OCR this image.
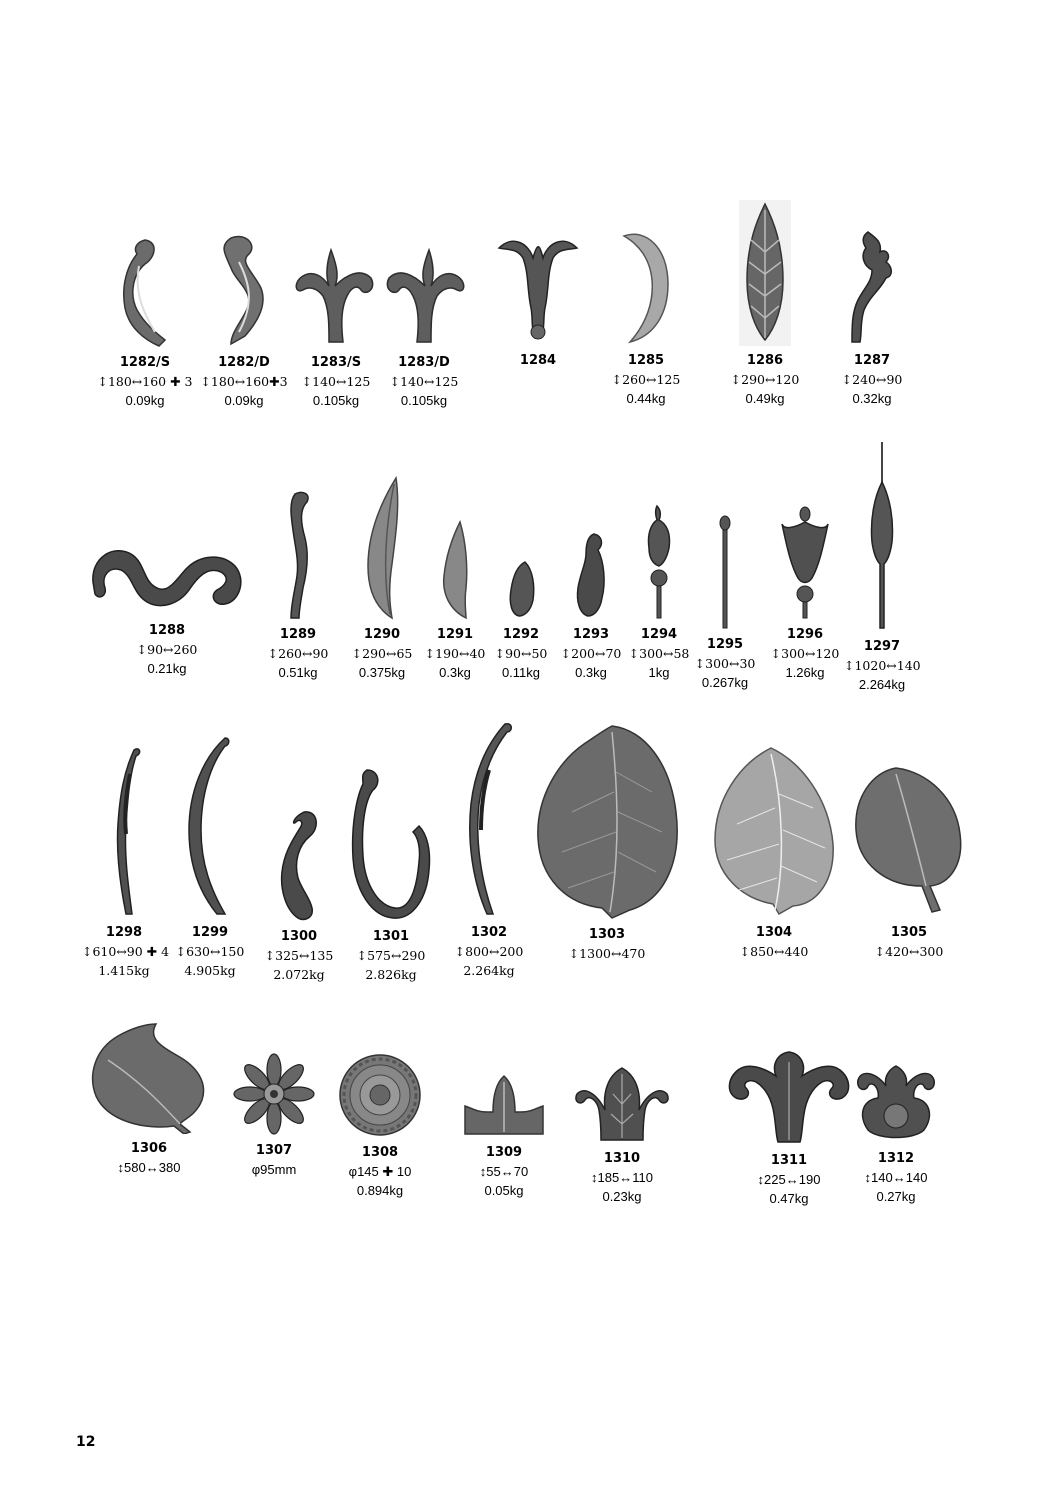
1282/S
↕180↔160 ✚ 3
0.09kg
1282/D
↕180↔160✚3
0.09kg
1283/S
↕140↔125
0.105kg
1283/D
↕140↔125
0.105kg
1284	1285
↕260↔125
0.44kg
1286
↕290↔120
0.49kg
1287
↕240↔90
0.32kg
1288
↕90↔260
0.21kg
1289
↕260↔90
0.51kg
1290
↕290↔65
0.375kg
1291
↕190↔40
0.3kg
1292
↕90↔50
0.11kg
1293
↕200↔70
0.3kg
1294
↕300↔58
1kg
1295
↕300↔30
0.267kg
1296
↕300↔120
1.26kg
1297
↕1020↔140
2.264kg
1298
↕610↔90 ✚ 4
1.415kg
1299
↕630↔150
4.905kg
1300
↕325↔135
2.072kg
1301
↕575↔290
2.826kg
1302
↕800↔200
2.264kg
1303
↕1300↔470
1304
↕850↔440
1305
↕420↔300
1306
↕580↔380
1307
φ95mm
1308
φ145 ✚ 10
0.894kg
1309
↕55↔70
0.05kg
1310
↕185↔110
0.23kg
1311
↕225↔190
0.47kg
1312
↕140↔140
0.27kg
12
